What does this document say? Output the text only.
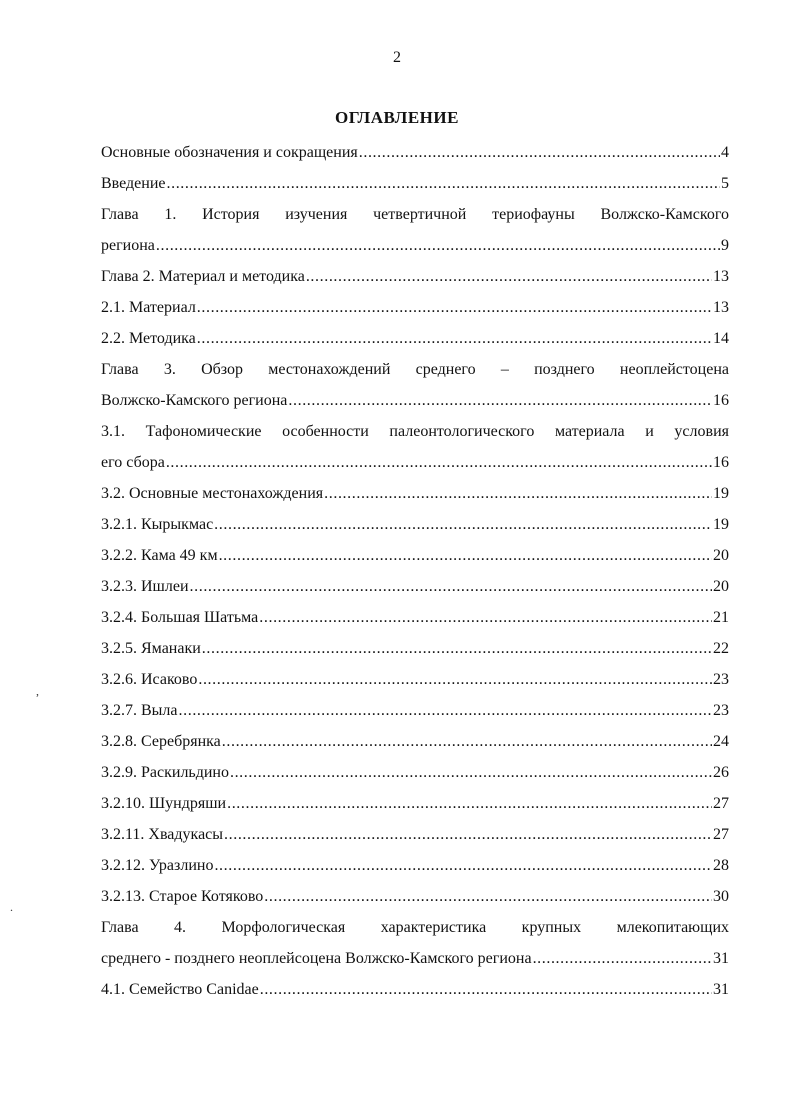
2
ОГЛАВЛЕНИЕ
Основные обозначения и сокращения .....	4
Введение .....	5
Глава 1. История изучения четвертичной териофауны Волжско-Камского
региона .....	9
Глава 2. Материал и методика .....	13
2.1. Материал .....	13
2.2. Методика .....	14
Глава 3. Обзор местонахождений среднего – позднего неоплейстоцена
Волжско-Камского региона .....	16
3.1. Тафономические особенности палеонтологического материала и условия
его сбора .....	16
3.2. Основные местонахождения .....	19
3.2.1. Кырыкмас .....	19
3.2.2. Кама 49 км .....	20
3.2.3. Ишлеи .....	20
3.2.4. Большая Шатьма .....	21
3.2.5. Яманаки .....	22
3.2.6. Исаково .....	23
3.2.7. Выла .....	23
3.2.8. Серебрянка .....	24
3.2.9. Раскильдино .....	26
3.2.10. Шундряши .....	27
3.2.11. Хвадукасы .....	27
3.2.12. Уразлино .....	28
3.2.13. Старое Котяково .....	30
Глава 4. Морфологическая характеристика крупных млекопитающих
среднего - позднего неоплейсоцена Волжско-Камского региона .....	31
4.1. Семейство Canidae .....	31
,
.
